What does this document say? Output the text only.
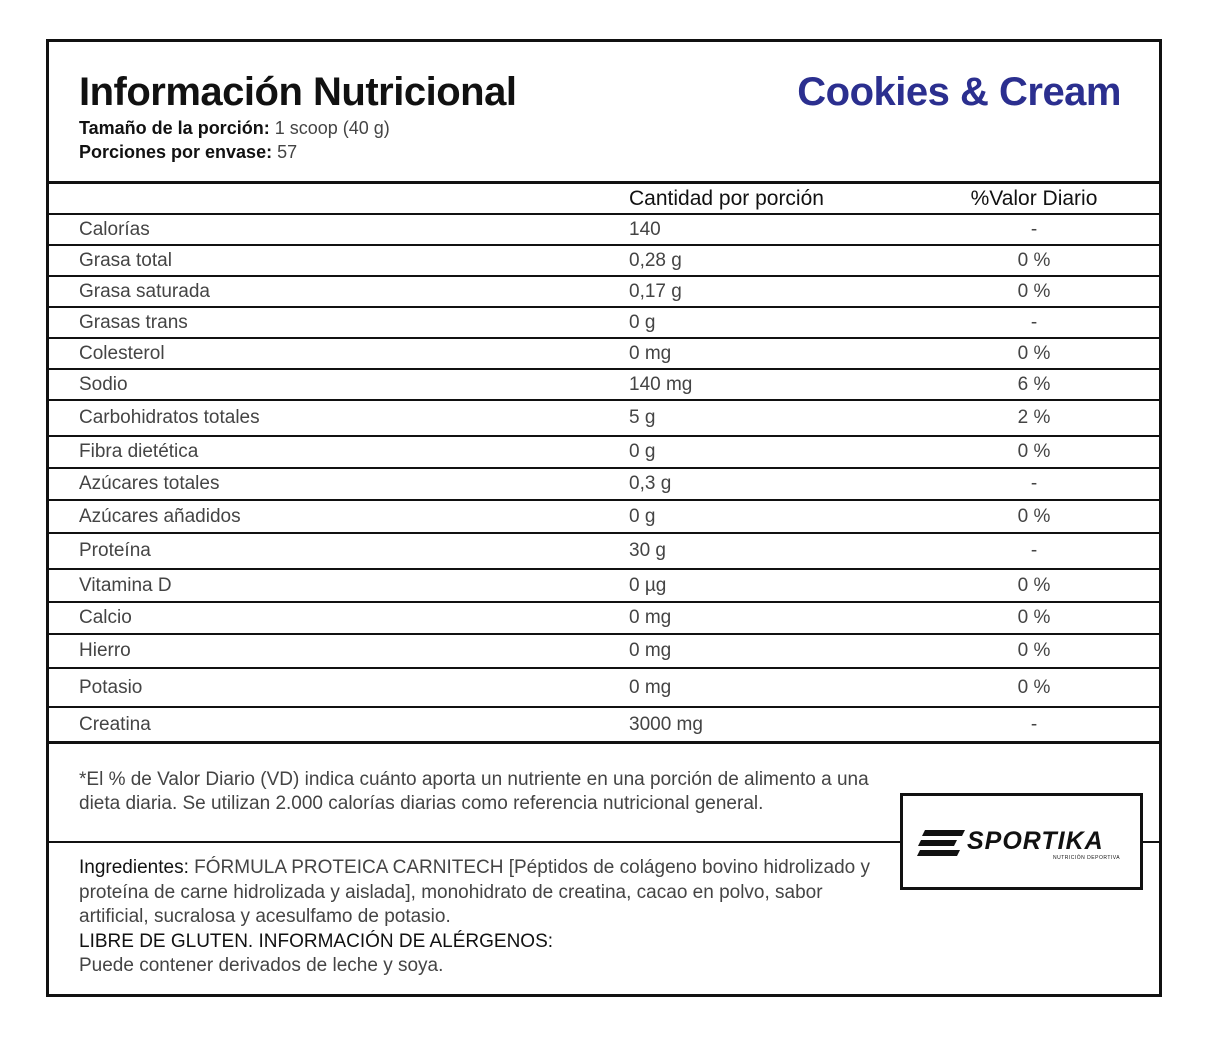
Información Nutricional	Cookies & Cream
Tamaño de la porción: 1 scoop (40 g)
Porciones por envase: 57
Cantidad por porción	%Valor Diario
Calorías	140	-
Grasa total	0,28 g	0 %
Grasa saturada	0,17 g	0 %
Grasas trans	0 g	-
Colesterol	0 mg	0 %
Sodio	140 mg	6 %
Carbohidratos totales	5 g	2 %
Fibra dietética	0 g	0 %
Azúcares totales	0,3 g	-
Azúcares añadidos	0 g	0 %
Proteína	30 g	-
Vitamina D	0 µg	0 %
Calcio	0 mg	0 %
Hierro	0 mg	0 %
Potasio	0 mg	0 %
Creatina	3000 mg	-
*El % de Valor Diario (VD) indica cuánto aporta un nutriente en una porción de alimento a una dieta diaria. Se utilizan 2.000 calorías diarias como referencia nutricional general.
SPORTIKA
NUTRICIÓN DEPORTIVA
Ingredientes: FÓRMULA PROTEICA CARNITECH [Péptidos de colágeno bovino hidrolizado y proteína de carne hidrolizada y aislada], monohidrato de creatina, cacao en polvo, sabor artificial, sucralosa y acesulfamo de potasio.
LIBRE DE GLUTEN. INFORMACIÓN DE ALÉRGENOS:
Puede contener derivados de leche y soya.
